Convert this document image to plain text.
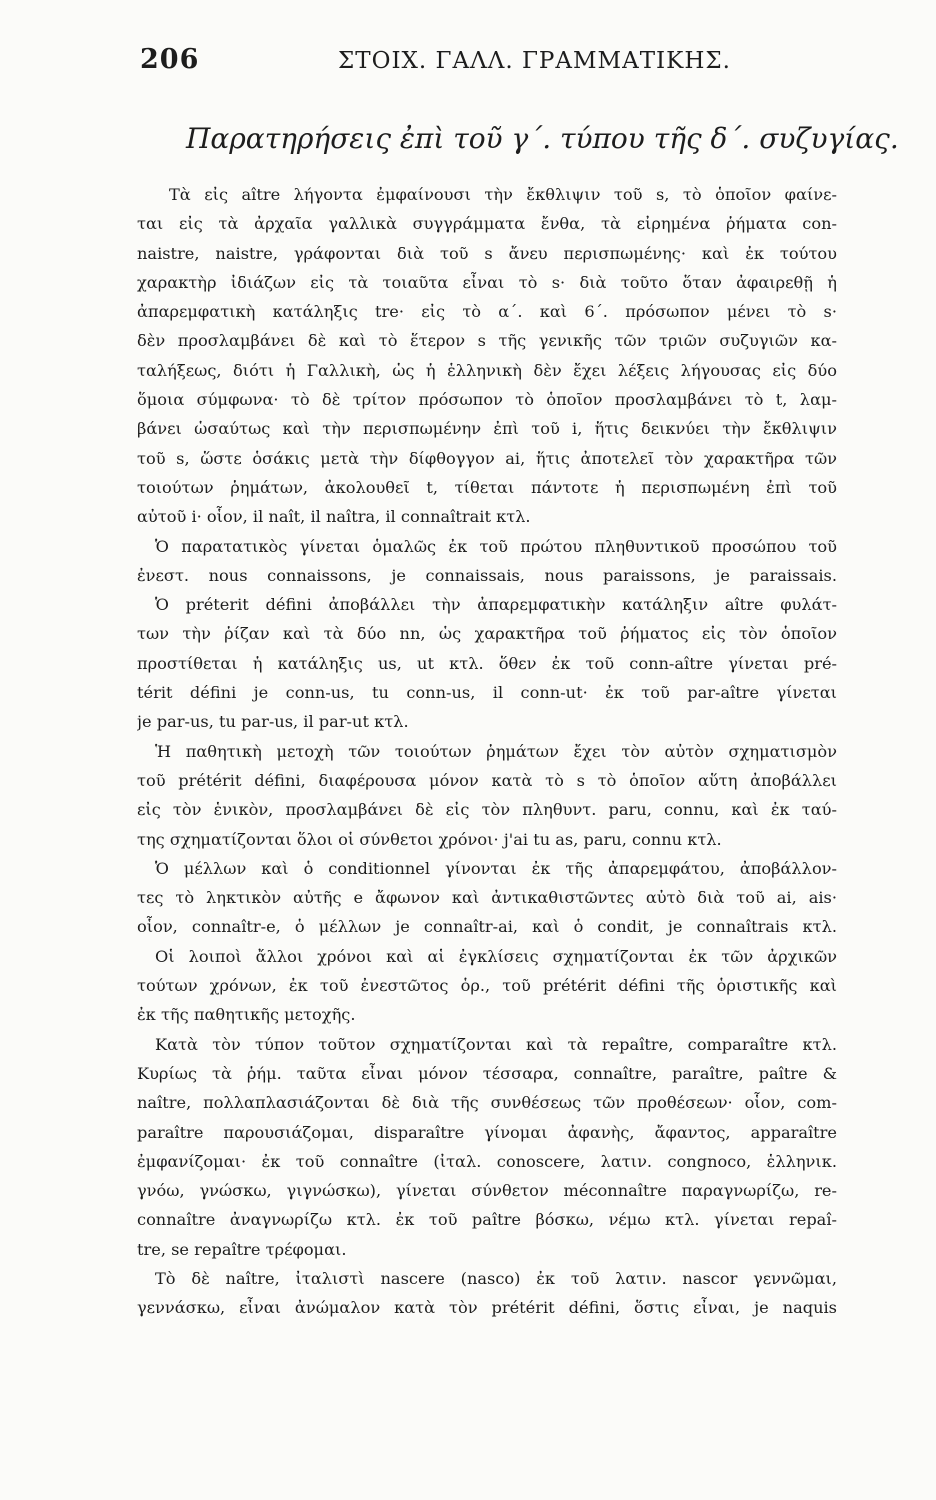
206	ΣΤΟΙΧ. ΓΑΛΛ. ΓΡΑΜΜΑΤΙΚΗΣ.
Παρατηρήσεις ἐπὶ τοῦ γ΄. τύπου τῆς δ΄. συζυγίας.
Τὰ εἰς aître λήγοντα ἐμφαίνουσι τὴν ἔκθλιψιν τοῦ s, τὸ ὁποῖον φαίνε-
ται εἰς τὰ ἀρχαῖα γαλλικὰ συγγράμματα ἔνθα, τὰ εἰρημένα ῥήματα con-
naistre, naistre, γράφονται διὰ τοῦ s ἄνευ περισπωμένης· καὶ ἐκ τούτου
χαρακτὴρ ἰδιάζων εἰς τὰ τοιαῦτα εἶναι τὸ s· διὰ τοῦτο ὅταν ἀφαιρεθῇ ἡ
ἀπαρεμφατικὴ κατάληξις tre· εἰς τὸ α΄. καὶ 6΄. πρόσωπον μένει τὸ s·
δὲν προσλαμβάνει δὲ καὶ τὸ ἕτερον s τῆς γενικῆς τῶν τριῶν συζυγιῶν κα-
ταλήξεως, διότι ἡ Γαλλικὴ, ὡς ἡ ἑλληνικὴ δὲν ἔχει λέξεις λήγουσας εἰς δύο
ὅμοια σύμφωνα· τὸ δὲ τρίτον πρόσωπον τὸ ὁποῖον προσλαμβάνει τὸ t, λαμ-
βάνει ὡσαύτως καὶ τὴν περισπωμένην ἐπὶ τοῦ i, ἥτις δεικνύει τὴν ἔκθλιψιν
τοῦ s, ὥστε ὁσάκις μετὰ τὴν δίφθογγον ai, ἥτις ἀποτελεῖ τὸν χαρακτῆρα τῶν
τοιούτων ῥημάτων, ἀκολουθεῖ t, τίθεται πάντοτε ἡ περισπωμένη ἐπὶ τοῦ
αὐτοῦ i· οἷον, il naît, il naîtra, il connaîtrait κτλ.
Ὁ παρατατικὸς γίνεται ὁμαλῶς ἐκ τοῦ πρώτου πληθυντικοῦ προσώπου τοῦ
ἐνεστ. nous connaissons, je connaissais, nous paraissons, je paraissais.
Ὁ préterit défini ἀποβάλλει τὴν ἀπαρεμφατικὴν κατάληξιν aître φυλάτ-
των τὴν ῥίζαν καὶ τὰ δύο nn, ὡς χαρακτῆρα τοῦ ῥήματος εἰς τὸν ὁποῖον
προστίθεται ἡ κατάληξις us, ut κτλ. ὅθεν ἐκ τοῦ conn-aître γίνεται pré-
térit défini je conn-us, tu conn-us, il conn-ut· ἐκ τοῦ par-aître γίνεται
je par-us, tu par-us, il par-ut κτλ.
Ἡ παθητικὴ μετοχὴ τῶν τοιούτων ῥημάτων ἔχει τὸν αὐτὸν σχηματισμὸν
τοῦ prétérit défini, διαφέρουσα μόνον κατὰ τὸ s τὸ ὁποῖον αὕτη ἀποβάλλει
εἰς τὸν ἑνικὸν, προσλαμβάνει δὲ εἰς τὸν πληθυντ. paru, connu, καὶ ἐκ ταύ-
της σχηματίζονται ὅλοι οἱ σύνθετοι χρόνοι· j'ai tu as, paru, connu κτλ.
Ὁ μέλλων καὶ ὁ conditionnel γίνονται ἐκ τῆς ἀπαρεμφάτου, ἀποβάλλον-
τες τὸ ληκτικὸν αὐτῆς e ἄφωνον καὶ ἀντικαθιστῶντες αὐτὸ διὰ τοῦ ai, ais·
οἷον, connaîtr-e, ὁ μέλλων je connaîtr-ai, καὶ ὁ condit, je connaîtrais κτλ.
Οἱ λοιποὶ ἄλλοι χρόνοι καὶ αἱ ἐγκλίσεις σχηματίζονται ἐκ τῶν ἀρχικῶν
τούτων χρόνων, ἐκ τοῦ ἐνεστῶτος ὁρ., τοῦ prétérit défini τῆς ὁριστικῆς καὶ
ἐκ τῆς παθητικῆς μετοχῆς.
Κατὰ τὸν τύπον τοῦτον σχηματίζονται καὶ τὰ repaître, comparaître κτλ.
Κυρίως τὰ ῥήμ. ταῦτα εἶναι μόνον τέσσαρα, connaître, paraître, paître &
naître, πολλαπλασιάζονται δὲ διὰ τῆς συνθέσεως τῶν προθέσεων· οἷον, com-
paraître παρουσιάζομαι, disparaître γίνομαι ἀφανὴς, ἄφαντος, apparaître
ἐμφανίζομαι· ἐκ τοῦ connaître (ἰταλ. conoscere, λατιν. congnoco, ἑλληνικ.
γνόω, γνώσκω, γιγνώσκω), γίνεται σύνθετον méconnaître παραγνωρίζω, re-
connaître ἀναγνωρίζω κτλ. ἐκ τοῦ paître βόσκω, νέμω κτλ. γίνεται repaî-
tre, se repaître τρέφομαι.
Τὸ δὲ naître, ἰταλιστὶ nascere (nasco) ἐκ τοῦ λατιν. nascor γεννῶμαι,
γεννάσκω, εἶναι ἀνώμαλον κατὰ τὸν prétérit défini, ὅστις εἶναι, je naquis
